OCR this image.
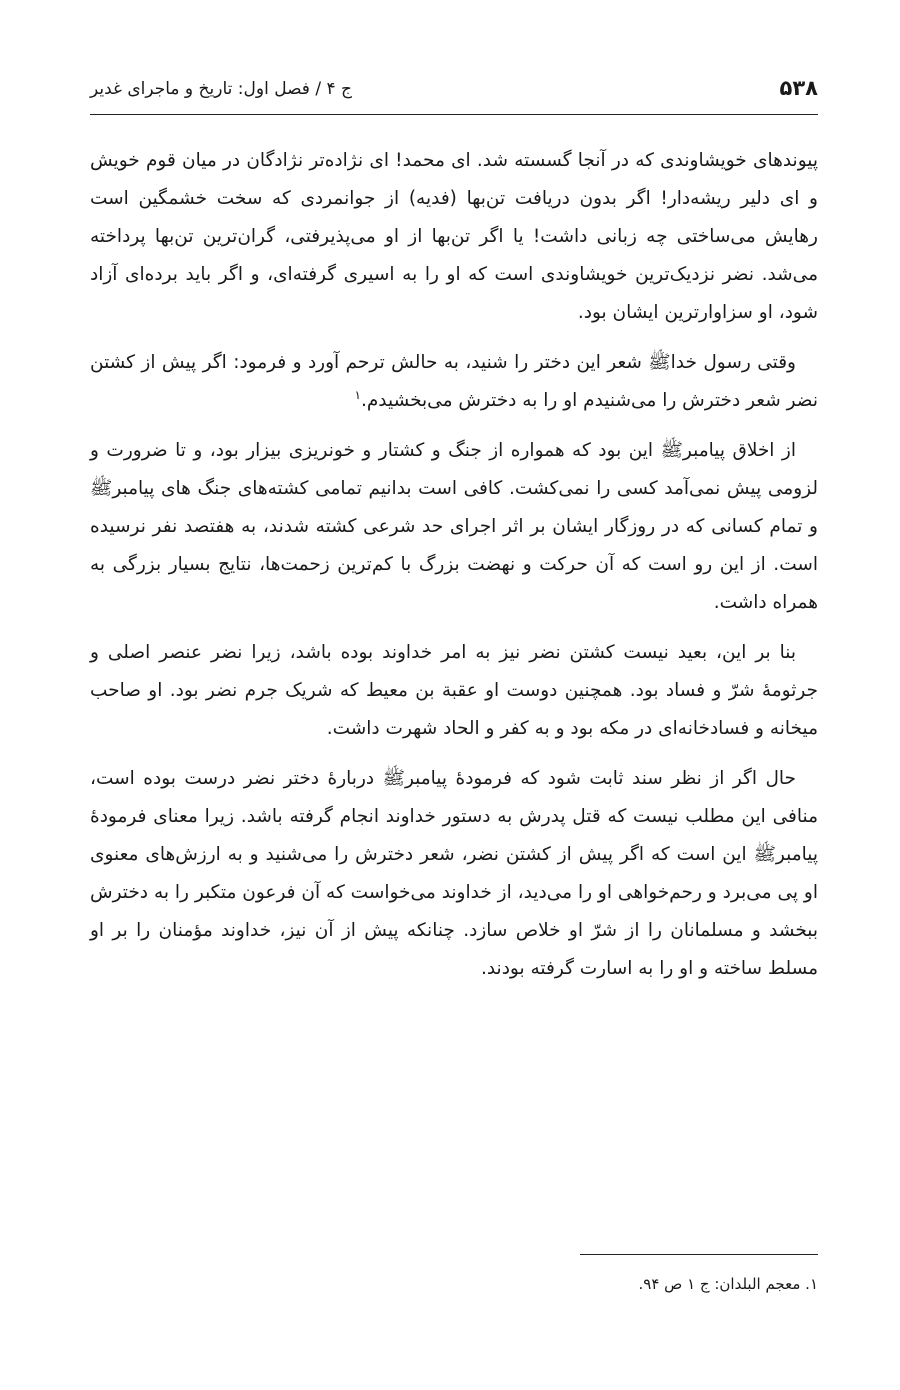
۵۳۸
ج ۴ / فصل اول: تاریخ و ماجرای غدیر

پیوندهای خویشاوندی که در آنجا گسسته شد. ای محمد! ای نژاده‌تر نژادگان در میان قوم خویش و ای دلیر ریشه‌دار! اگر بدون دریافت تن‌بها (فدیه) از جوانمردی که سخت خشمگین است رهایش می‌ساختی چه زبانی داشت! یا اگر تن‌بها از او می‌پذیرفتی، گران‌ترین تن‌بها پرداخته می‌شد. نضر نزدیک‌ترین خویشاوندی است که او را به اسیری گرفته‌ای، و اگر باید برده‌ای آزاد شود، او سزاوارترین ایشان بود.

وقتی رسول خداﷺ شعر این دختر را شنید، به حالش ترحم آورد و فرمود: اگر پیش از کشتن نضر شعر دخترش را می‌شنیدم او را به دخترش می‌بخشیدم.$^۱$

از اخلاق پیامبرﷺ این بود که همواره از جنگ و کشتار و خونریزی بیزار بود، و تا ضرورت و لزومی پیش نمی‌آمد کسی را نمی‌کشت. کافی است بدانیم تمامی کشته‌های جنگ های پیامبرﷺ و تمام کسانی که در روزگار ایشان بر اثر اجرای حد شرعی کشته شدند، به هفتصد نفر نرسیده است. از این رو است که آن حرکت و نهضت بزرگ با کم‌ترین زحمت‌ها، نتایج بسیار بزرگی به همراه داشت.

بنا بر این، بعید نیست کشتن نضر نیز به امر خداوند بوده باشد، زیرا نضر عنصر اصلی و جرثومهٔ شرّ و فساد بود. همچنین دوست او عقبة بن معیط که شریک جرم نضر بود. او صاحب میخانه و فسادخانه‌ای در مکه بود و به کفر و الحاد شهرت داشت.

حال اگر از نظر سند ثابت شود که فرمودهٔ پیامبرﷺ دربارهٔ دختر نضر درست بوده است، منافی این مطلب نیست که قتل پدرش به دستور خداوند انجام گرفته باشد. زیرا معنای فرمودهٔ پیامبرﷺ این است که اگر پیش از کشتن نضر، شعر دخترش را می‌شنید و به ارزش‌های معنوی او پی می‌برد و رحم‌خواهی او را می‌دید، از خداوند می‌خواست که آن فرعون متکبر را به دخترش ببخشد و مسلمانان را از شرّ او خلاص سازد. چنانکه پیش از آن نیز، خداوند مؤمنان را بر او مسلط ساخته و او را به اسارت گرفته بودند.

۱. معجم البلدان: ج ۱ ص ۹۴.
